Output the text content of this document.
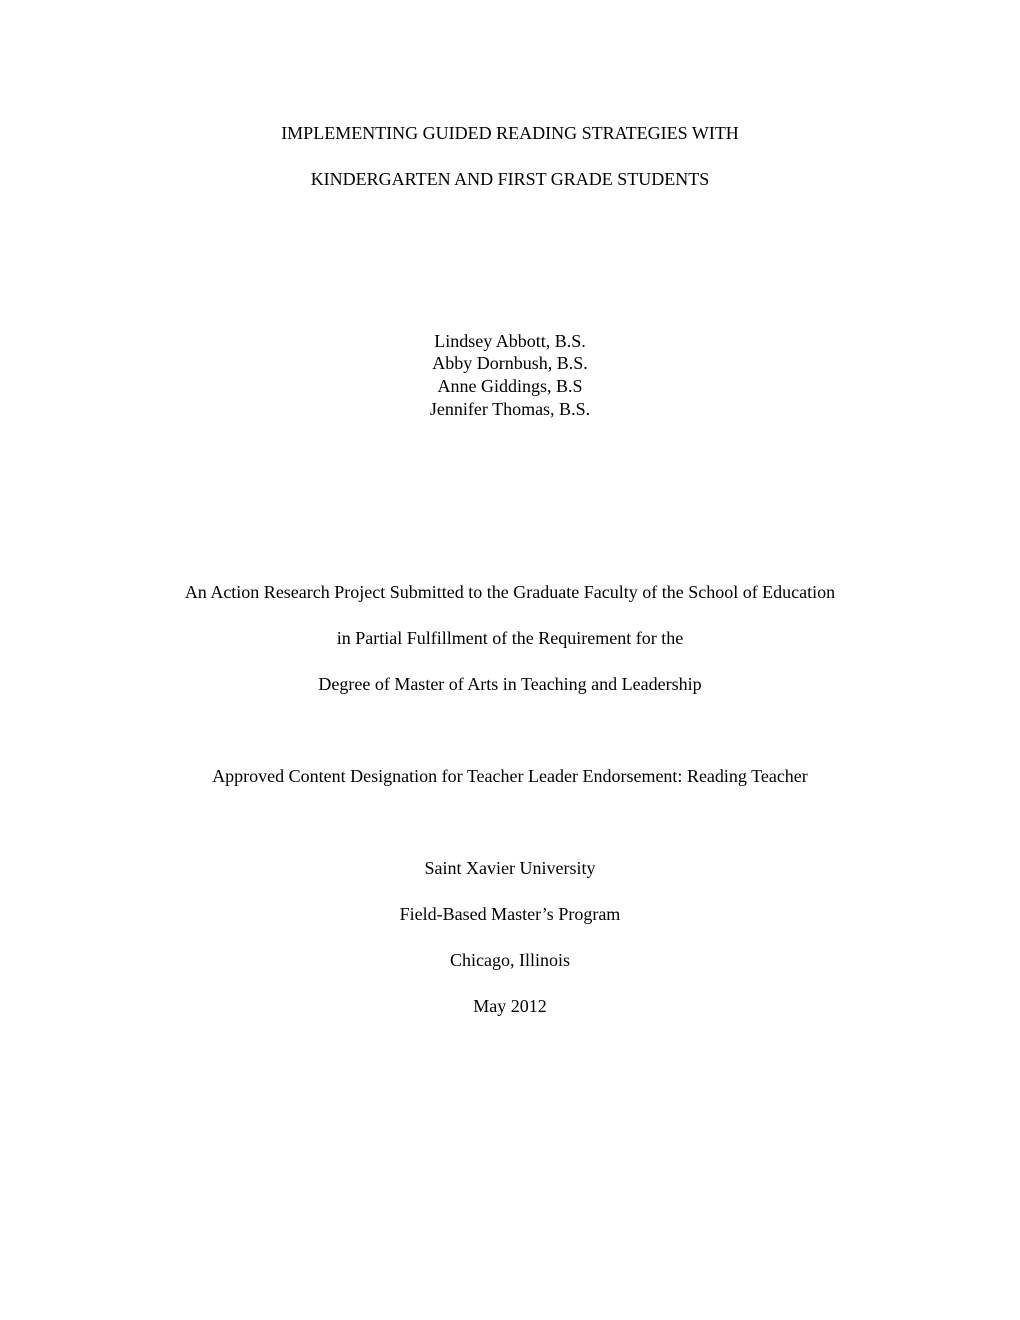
IMPLEMENTING GUIDED READING STRATEGIES WITH
KINDERGARTEN AND FIRST GRADE STUDENTS
Lindsey Abbott, B.S.
Abby Dornbush, B.S.
Anne Giddings, B.S
Jennifer Thomas, B.S.
An Action Research Project Submitted to the Graduate Faculty of the School of Education
in Partial Fulfillment of the Requirement for the
Degree of Master of Arts in Teaching and Leadership
Approved Content Designation for Teacher Leader Endorsement: Reading Teacher
Saint Xavier University
Field-Based Master’s Program
Chicago, Illinois
May 2012
